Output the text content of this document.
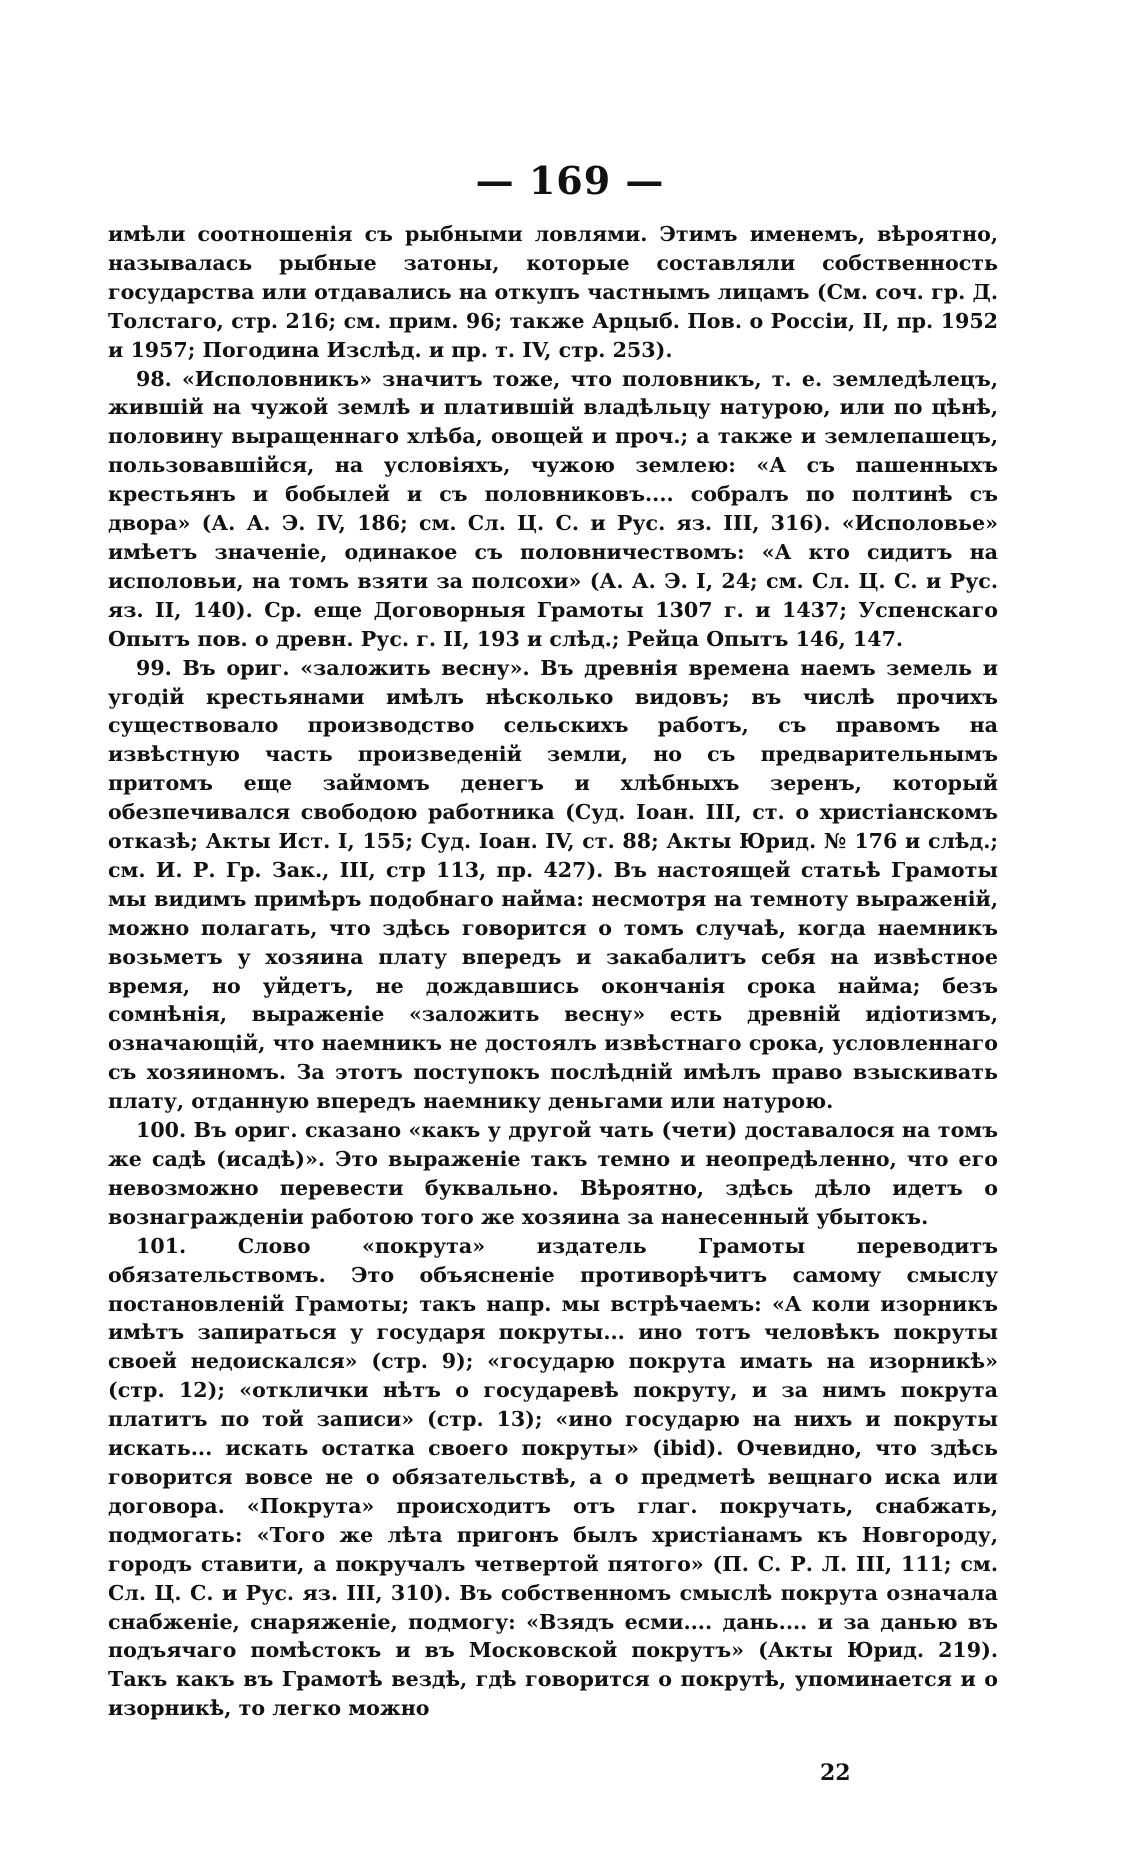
— 169 —

имѣли соотношенія съ рыбными ловлями. Этимъ именемъ, вѣроятно, называлась рыбные затоны, которые составляли собственность государства или отдавались на откупъ частнымъ лицамъ (См. соч. гр. Д. Толстаго, стр. 216; см. прим. 96; также Арцыб. Пов. о Россіи, II, пр. 1952 и 1957; Погодина Изслѣд. и пр. т. IV, стр. 253).

98. «Исполовникъ» значитъ тоже, что половникъ, т. е. земледѣлецъ, жившій на чужой землѣ и платившій владѣльцу натурою, или по цѣнѣ, половину выращеннаго хлѣба, овощей и проч.; а также и землепашецъ, пользовавшійся, на условіяхъ, чужою землею: «А съ пашенныхъ крестьянъ и бобылей и съ половниковъ.... собралъ по полтинѣ съ двора» (А. А. Э. IV, 186; см. Сл. Ц. С. и Рус. яз. III, 316). «Исполовье» имѣетъ значеніе, одинакое съ половничествомъ: «А кто сидитъ на исполовьи, на томъ взяти за полсохи» (А. А. Э. I, 24; см. Сл. Ц. С. и Рус. яз. II, 140). Ср. еще Договорныя Грамоты 1307 г. и 1437; Успенскаго Опытъ пов. о древн. Рус. г. II, 193 и слѣд.; Рейца Опытъ 146, 147.

99. Въ ориг. «заложить весну». Въ древнія времена наемъ земель и угодій крестьянами имѣлъ нѣсколько видовъ; въ числѣ прочихъ существовало производство сельскихъ работъ, съ правомъ на извѣстную часть произведеній земли, но съ предварительнымъ притомъ еще займомъ денегъ и хлѣбныхъ зеренъ, который обезпечивался свободою работника (Суд. Іоан. III, ст. о христіанскомъ отказѣ; Акты Ист. I, 155; Суд. Іоан. IV, ст. 88; Акты Юрид. № 176 и слѣд.; см. И. Р. Гр. Зак., III, стр 113, пр. 427). Въ настоящей статьѣ Грамоты мы видимъ примѣръ подобнаго найма: несмотря на темноту выраженій, можно полагать, что здѣсь говорится о томъ случаѣ, когда наемникъ возьметъ у хозяина плату впередъ и закабалитъ себя на извѣстное время, но уйдетъ, не дождавшись окончанія срока найма; безъ сомнѣнія, выраженіе «заложить весну» есть древній идіотизмъ, означающій, что наемникъ не достоялъ извѣстнаго срока, условленнаго съ хозяиномъ. За этотъ поступокъ послѣдній имѣлъ право взыскивать плату, отданную впередъ наемнику деньгами или натурою.

100. Въ ориг. сказано «какъ у другой чать (чети) доставалося на томъ же садѣ (исадѣ)». Это выраженіе такъ темно и неопредѣленно, что его невозможно перевести буквально. Вѣроятно, здѣсь дѣло идетъ о вознагражденіи работою того же хозяина за нанесенный убытокъ.

101. Слово «покрута» издатель Грамоты переводитъ обязательствомъ. Это объясненіе противорѣчитъ самому смыслу постановленій Грамоты; такъ напр. мы встрѣчаемъ: «А коли изорникъ имѣтъ запираться у государя покруты... ино тотъ человѣкъ покруты своей недоискался» (стр. 9); «государю покрута имать на изорникѣ» (стр. 12); «отклички нѣтъ о государевѣ покруту, и за нимъ покрута платитъ по той записи» (стр. 13); «ино государю на нихъ и покруты искать... искать остатка своего покруты» (ibid). Очевидно, что здѣсь говорится вовсе не о обязательствѣ, а о предметѣ вещнаго иска или договора. «Покрута» происходитъ отъ глаг. покручать, снабжать, подмогать: «Того же лѣта пригонъ былъ христіанамъ къ Новгороду, городъ ставити, а покручалъ четвертой пятого» (П. С. Р. Л. III, 111; см. Сл. Ц. С. и Рус. яз. III, 310). Въ собственномъ смыслѣ покрута означала снабженіе, снаряженіе, подмогу: «Взядъ есми.... дань.... и за данью въ подъячаго помѣстокъ и въ Московской покрутъ» (Акты Юрид. 219). Такъ какъ въ Грамотѣ вездѣ, гдѣ говорится о покрутѣ, упоминается и о изорникѣ, то легко можно

22
